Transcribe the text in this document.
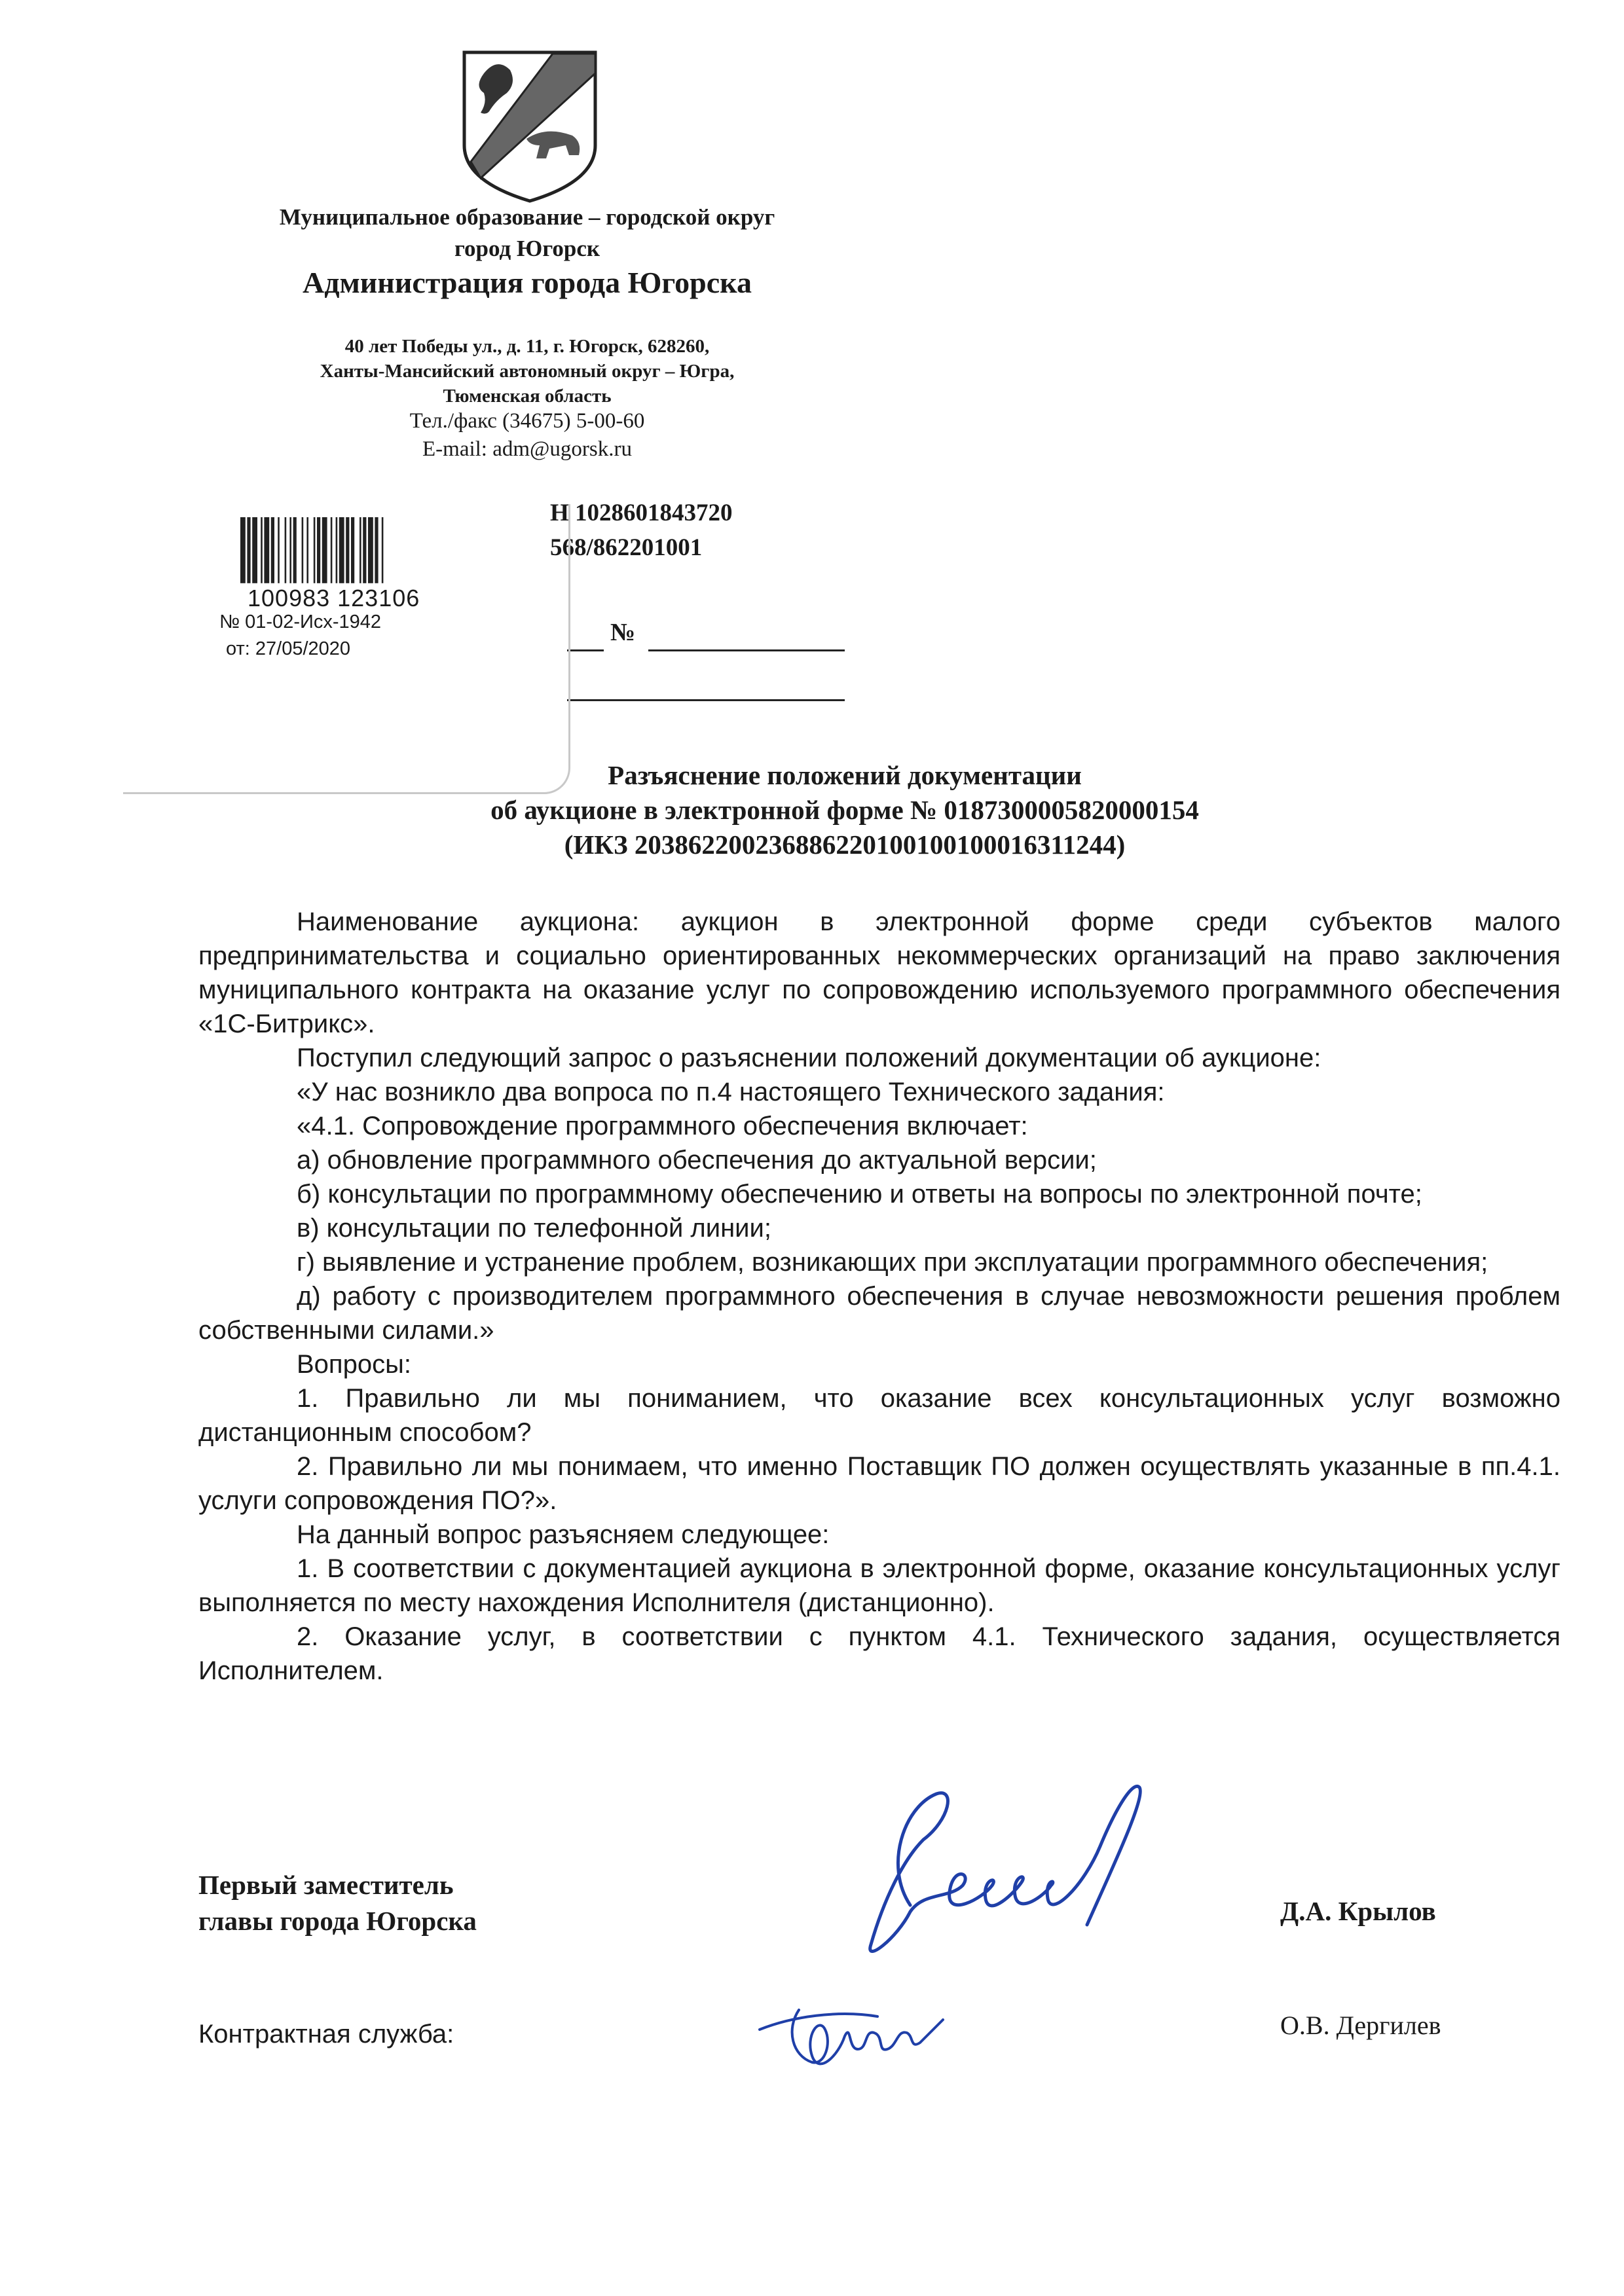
Муниципальное образование – городской округ
город Югорск
Администрация города Югорска
40 лет Победы ул., д. 11, г. Югорск, 628260,
Ханты-Мансийский автономный округ – Югра,
Тюменская область
Тел./факс (34675) 5-00-60
E-mail: adm@ugorsk.ru
Н 1028601843720
568/862201001
№
100983 123106
№ 01-02-Исх-1942
от: 27/05/2020
Разъяснение положений документации
об аукционе в электронной форме № 0187300005820000154
(ИКЗ 203862200236886220100100100016311244)

Наименование аукциона: аукцион в электронной форме среди субъектов малого предпринимательства и социально ориентированных некоммерческих организаций на право заключения муниципального контракта на оказание услуг по сопровождению используемого программного обеспечения «1С-Битрикс».

Поступил следующий запрос о разъяснении положений документации об аукционе:

«У нас возникло два вопроса по п.4 настоящего Технического задания:

«4.1. Сопровождение программного обеспечения включает:

а) обновление программного обеспечения до актуальной версии;

б) консультации по программному обеспечению и ответы на вопросы по электронной почте;

в) консультации по телефонной линии;

г) выявление и устранение проблем, возникающих при эксплуатации программного обеспечения;

д) работу с производителем программного обеспечения в случае невозможности решения проблем собственными силами.»

Вопросы:

1. Правильно ли мы пониманием, что оказание всех консультационных услуг возможно дистанционным способом?

2. Правильно ли мы понимаем, что именно Поставщик ПО должен осуществлять указанные в пп.4.1. услуги сопровождения ПО?».

На данный вопрос разъясняем следующее:

1. В соответствии с документацией аукциона в электронной форме, оказание консультационных услуг выполняется по месту нахождения Исполнителя (дистанционно).

2. Оказание услуг, в соответствии с пунктом 4.1. Технического задания, осуществляется Исполнителем.

Первый заместитель
главы города Югорска	Д.А. Крылов
Контрактная служба:	О.В. Дергилев
